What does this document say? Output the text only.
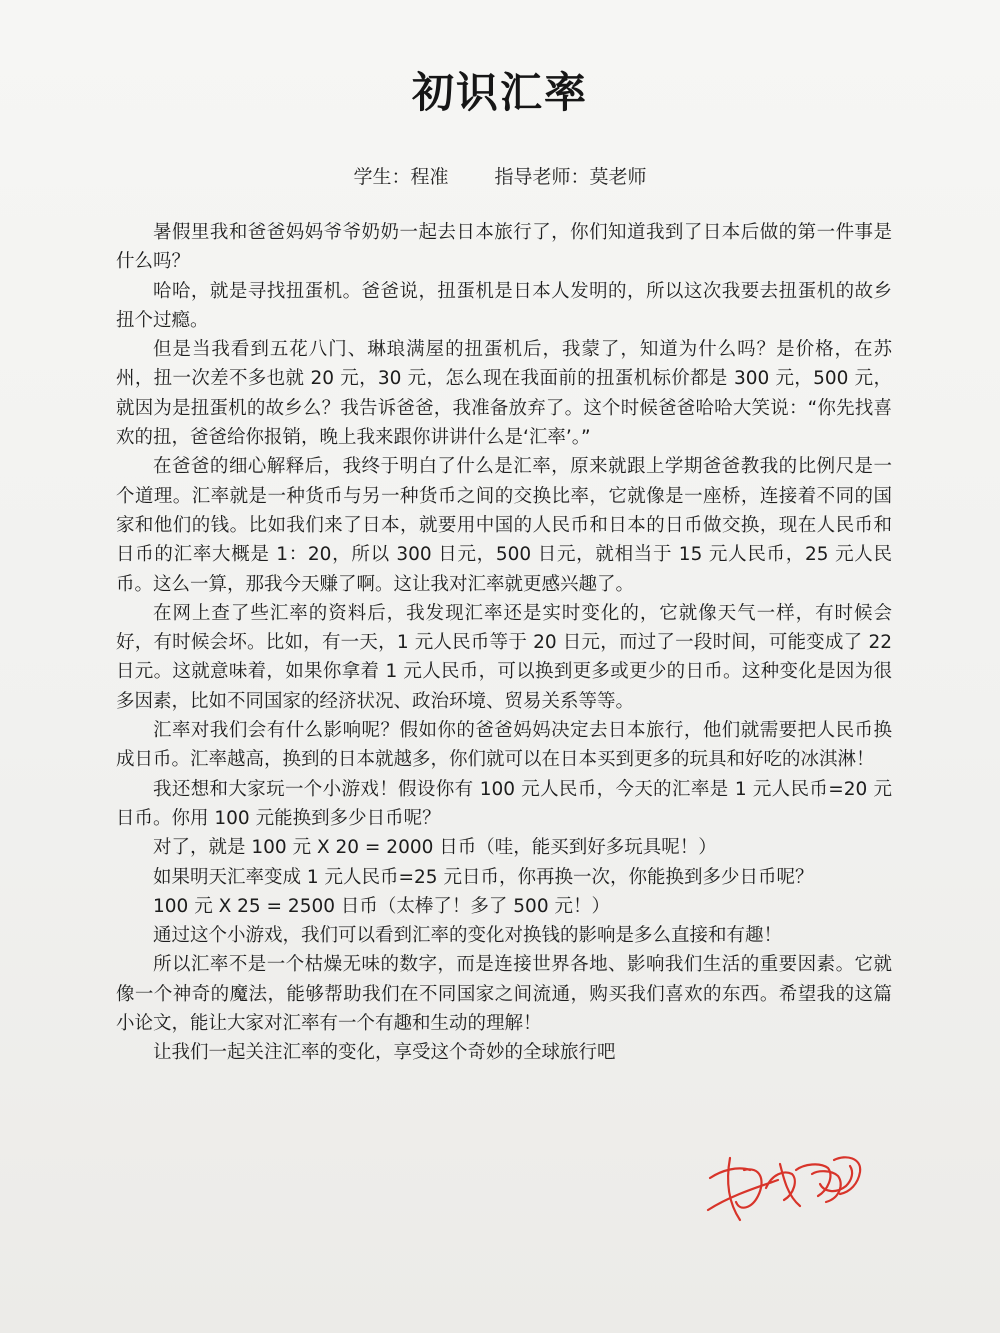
初识汇率
学生：程准 指导老师：莫老师

暑假里我和爸爸妈妈爷爷奶奶一起去日本旅行了，你们知道我到了日本后做的第一件事是什么吗？

哈哈，就是寻找扭蛋机。爸爸说，扭蛋机是日本人发明的，所以这次我要去扭蛋机的故乡扭个过瘾。

但是当我看到五花八门、琳琅满屋的扭蛋机后，我蒙了，知道为什么吗？是价格，在苏州，扭一次差不多也就 20 元，30 元，怎么现在我面前的扭蛋机标价都是 300 元，500 元，就因为是扭蛋机的故乡么？我告诉爸爸，我准备放弃了。这个时候爸爸哈哈大笑说：“你先找喜欢的扭，爸爸给你报销，晚上我来跟你讲讲什么是‘汇率’。”

在爸爸的细心解释后，我终于明白了什么是汇率，原来就跟上学期爸爸教我的比例尺是一个道理。汇率就是一种货币与另一种货币之间的交换比率，它就像是一座桥，连接着不同的国家和他们的钱。比如我们来了日本，就要用中国的人民币和日本的日币做交换，现在人民币和日币的汇率大概是 1：20，所以 300 日元，500 日元，就相当于 15 元人民币，25 元人民币。这么一算，那我今天赚了啊。这让我对汇率就更感兴趣了。

在网上查了些汇率的资料后，我发现汇率还是实时变化的，它就像天气一样，有时候会好，有时候会坏。比如，有一天，1 元人民币等于 20 日元，而过了一段时间，可能变成了 22 日元。这就意味着，如果你拿着 1 元人民币，可以换到更多或更少的日币。这种变化是因为很多因素，比如不同国家的经济状况、政治环境、贸易关系等等。

汇率对我们会有什么影响呢？假如你的爸爸妈妈决定去日本旅行，他们就需要把人民币换成日币。汇率越高，换到的日本就越多，你们就可以在日本买到更多的玩具和好吃的冰淇淋！

我还想和大家玩一个小游戏！假设你有 100 元人民币，今天的汇率是 1 元人民币=20 元日币。你用 100 元能换到多少日币呢？

对了，就是 100 元 X 20 = 2000 日币（哇，能买到好多玩具呢！）

如果明天汇率变成 1 元人民币=25 元日币，你再换一次，你能换到多少日币呢？

100 元 X 25 = 2500 日币（太棒了！多了 500 元！）

通过这个小游戏，我们可以看到汇率的变化对换钱的影响是多么直接和有趣！

所以汇率不是一个枯燥无味的数字，而是连接世界各地、影响我们生活的重要因素。它就像一个神奇的魔法，能够帮助我们在不同国家之间流通，购买我们喜欢的东西。希望我的这篇小论文，能让大家对汇率有一个有趣和生动的理解！

让我们一起关注汇率的变化，享受这个奇妙的全球旅行吧
